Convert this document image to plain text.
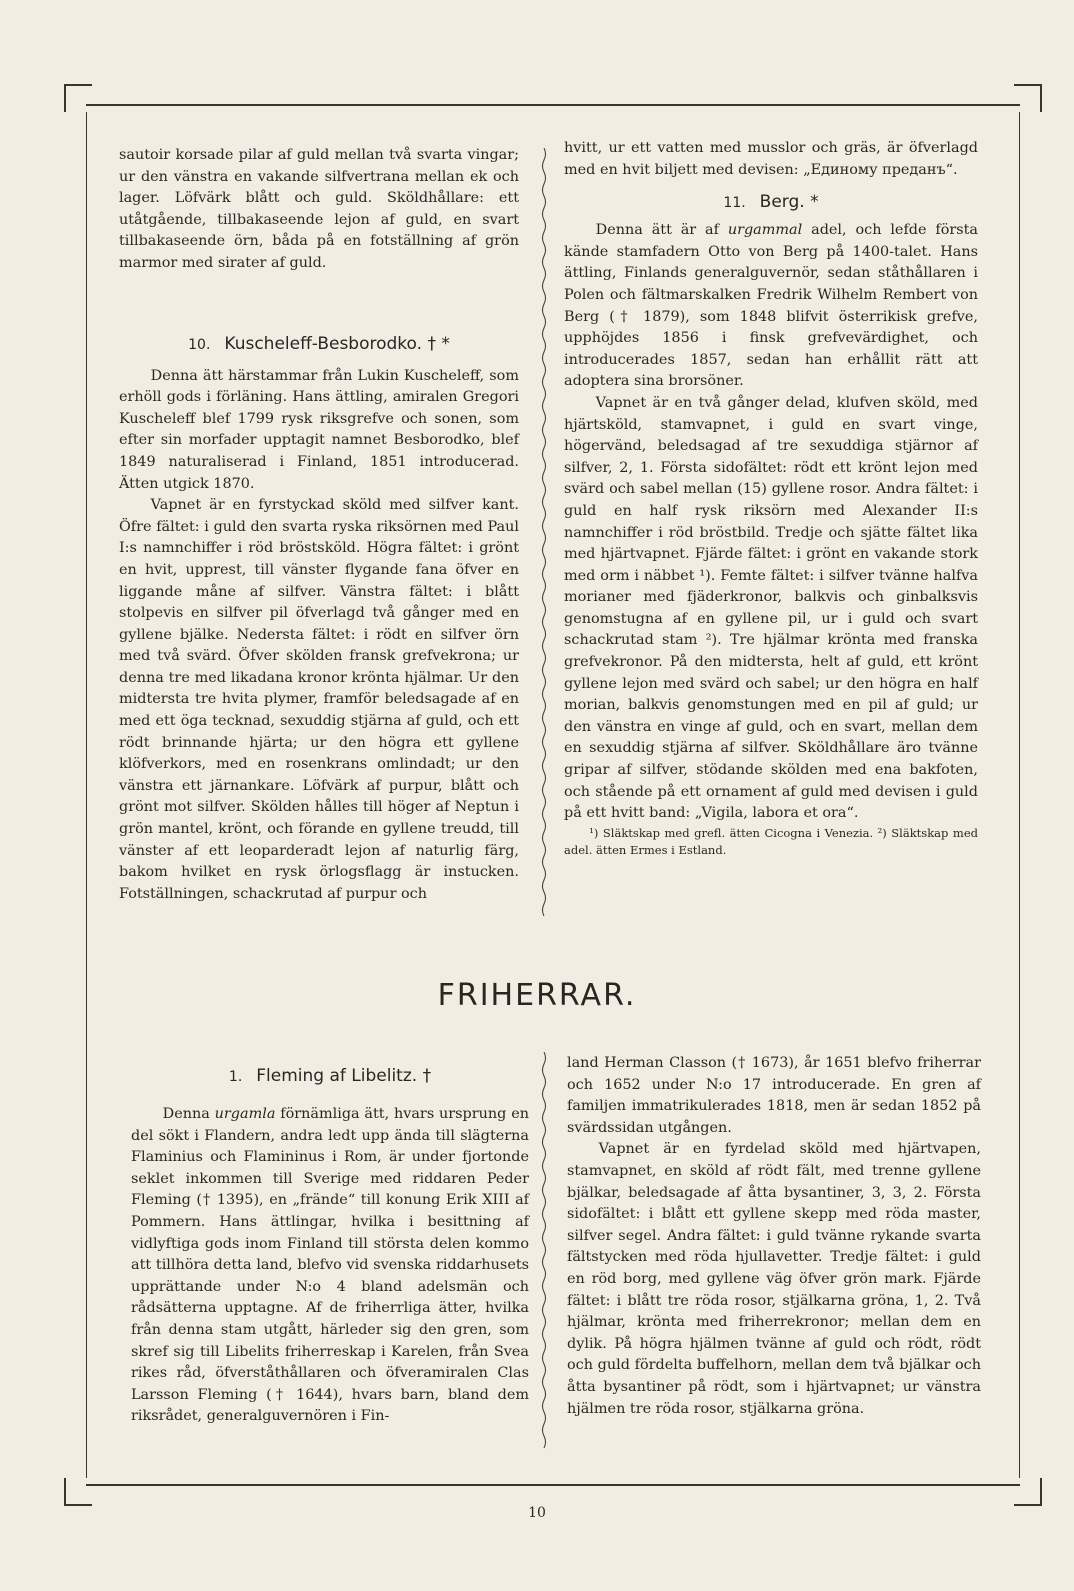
sautoir korsade pilar af guld mellan två svarta vingar; ur den vänstra en vakande silfvertrana mellan ek och lager. Löfvärk blått och guld. Sköldhållare: ett utåtgående, tillbakaseende lejon af guld, en svart tillbakaseende örn, båda på en fotställning af grön marmor med sirater af guld.

10. Kuscheleff-Besborodko. † *

Denna ätt härstammar från Lukin Kuscheleff, som erhöll gods i förläning. Hans ättling, amiralen Gregori Kuscheleff blef 1799 rysk riksgrefve och sonen, som efter sin morfader upptagit namnet Besborodko, blef 1849 naturaliserad i Finland, 1851 introducerad. Ätten utgick 1870.

Vapnet är en fyrstyckad sköld med silfver kant. Öfre fältet: i guld den svarta ryska riksörnen med Paul I:s namnchiffer i röd bröstsköld. Högra fältet: i grönt en hvit, upprest, till vänster flygande fana öfver en liggande måne af silfver. Vänstra fältet: i blått stolpevis en silfver pil öfverlagd två gånger med en gyllene bjälke. Nedersta fältet: i rödt en silfver örn med två svärd. Öfver skölden fransk grefvekrona; ur denna tre med likadana kronor krönta hjälmar. Ur den midtersta tre hvita plymer, framför beledsagade af en med ett öga tecknad, sexuddig stjärna af guld, och ett rödt brinnande hjärta; ur den högra ett gyllene klöfverkors, med en rosenkrans omlindadt; ur den vänstra ett järnankare. Löfvärk af purpur, blått och grönt mot silfver. Skölden hålles till höger af Neptun i grön mantel, krönt, och förande en gyllene treudd, till vänster af ett leoparderadt lejon af naturlig färg, bakom hvilket en rysk örlogsflagg är instucken. Fotställningen, schackrutad af purpur och

hvitt, ur ett vatten med musslor och gräs, är öfverlagd med en hvit biljett med devisen: „Единому преданъ“.

11. Berg. *

Denna ätt är af urgammal adel, och lefde första kände stamfadern Otto von Berg på 1400-talet. Hans ättling, Finlands generalguvernör, sedan ståthållaren i Polen och fältmarskalken Fredrik Wilhelm Rembert von Berg († 1879), som 1848 blifvit österrikisk grefve, upphöjdes 1856 i finsk grefvevärdighet, och introducerades 1857, sedan han erhållit rätt att adoptera sina brorsöner.

Vapnet är en två gånger delad, klufven sköld, med hjärtsköld, stamvapnet, i guld en svart vinge, högervänd, beledsagad af tre sexuddiga stjärnor af silfver, 2, 1. Första sidofältet: rödt ett krönt lejon med svärd och sabel mellan (15) gyllene rosor. Andra fältet: i guld en half rysk riksörn med Alexander II:s namnchiffer i röd bröstbild. Tredje och sjätte fältet lika med hjärtvapnet. Fjärde fältet: i grönt en vakande stork med orm i näbbet ¹). Femte fältet: i silfver tvänne halfva morianer med fjäderkronor, balkvis och ginbalksvis genomstugna af en gyllene pil, ur i guld och svart schackrutad stam ²). Tre hjälmar krönta med franska grefvekronor. På den midtersta, helt af guld, ett krönt gyllene lejon med svärd och sabel; ur den högra en half morian, balkvis genomstungen med en pil af guld; ur den vänstra en vinge af guld, och en svart, mellan dem en sexuddig stjärna af silfver. Sköldhållare äro tvänne gripar af silfver, stödande skölden med ena bakfoten, och stående på ett ornament af guld med devisen i guld på ett hvitt band: „Vigila, labora et ora“.

¹) Släktskap med grefl. ätten Cicogna i Venezia. ²) Släktskap med adel. ätten Ermes i Estland.

FRIHERRAR.

1. Fleming af Libelitz. †

Denna urgamla förnämliga ätt, hvars ursprung en del sökt i Flandern, andra ledt upp ända till slägterna Flaminius och Flamininus i Rom, är under fjortonde seklet inkommen till Sverige med riddaren Peder Fleming († 1395), en „frände“ till konung Erik XIII af Pommern. Hans ättlingar, hvilka i besittning af vidlyftiga gods inom Finland till största delen kommo att tillhöra detta land, blefvo vid svenska riddarhusets upprättande under N:o 4 bland adelsmän och rådsätterna upptagne. Af de friherrliga ätter, hvilka från denna stam utgått, härleder sig den gren, som skref sig till Libelits friherreskap i Karelen, från Svea rikes råd, öfverståthållaren och öfveramiralen Clas Larsson Fleming († 1644), hvars barn, bland dem riksrådet, generalguvernören i Fin-

land Herman Classon († 1673), år 1651 blefvo friherrar och 1652 under N:o 17 introducerade. En gren af familjen immatrikulerades 1818, men är sedan 1852 på svärdssidan utgången.

Vapnet är en fyrdelad sköld med hjärtvapen, stamvapnet, en sköld af rödt fält, med trenne gyllene bjälkar, beledsagade af åtta bysantiner, 3, 3, 2. Första sidofältet: i blått ett gyllene skepp med röda master, silfver segel. Andra fältet: i guld tvänne rykande svarta fältstycken med röda hjullavetter. Tredje fältet: i guld en röd borg, med gyllene väg öfver grön mark. Fjärde fältet: i blått tre röda rosor, stjälkarna gröna, 1, 2. Två hjälmar, krönta med friherrekronor; mellan dem en dylik. På högra hjälmen tvänne af guld och rödt, rödt och guld fördelta buffelhorn, mellan dem två bjälkar och åtta bysantiner på rödt, som i hjärtvapnet; ur vänstra hjälmen tre röda rosor, stjälkarna gröna.

10
